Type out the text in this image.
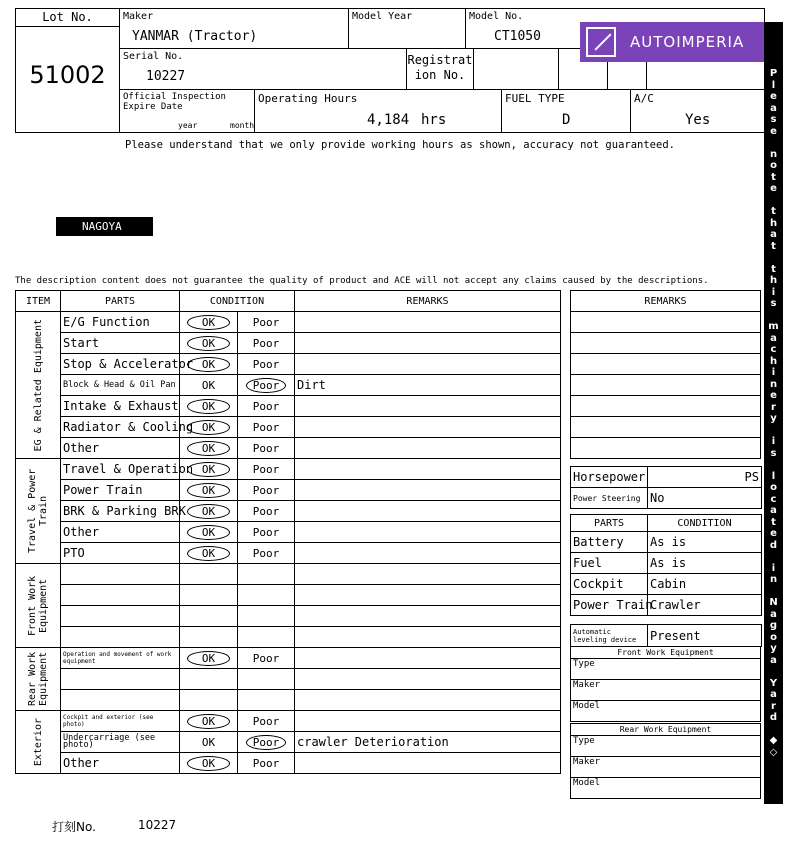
Lot No.
51002
Maker
YANMAR (Tractor)
Model Year	Model No.
CT1050
Serial No.
10227
Registrat
ion No.
Official Inspection
Expire Date
year	month
Operating Hours
4,184 hrs
FUEL TYPE
D
A/C
Yes
AUTOIMPERIA
Please understand that we only provide working hours as shown, accuracy not guaranteed.
NAGOYA
The description content does not guarantee the quality of product and ACE will not accept any claims caused by the descriptions.
ITEM	PARTS	CONDITION		REMARKS

EG & Related Equipment	E/G Function	OK	Poor	
	Start	OK	Poor	
	Stop & Accelerator	OK	Poor	
	Block & Head & Oil Pan	OK	Poor	Dirt
	Intake & Exhaust	OK	Poor	
	Radiator & Cooling	OK	Poor	
	Other	OK	Poor	

Travel & Power Train	Travel & Operation	OK	Poor	
	Power Train	OK	Poor	
	BRK & Parking BRK	OK	Poor	
	Other	OK	Poor	
	PTO	OK	Poor	

Front Work Equipment				

Rear Work Equipment	Operation and movement of work equipment	OK	Poor	

Exterior	Cockpit and exterior (see photo)	OK	Poor	
	Undercarriage (see photo)	OK	Poor	crawler Deterioration
	Other	OK	Poor	
REMARKS

Horsepower	PS
Power Steering	No
PARTS	CONDITION
Battery	As is
Fuel	As is
Cockpit	Cabin
Power Train	Crawler
Automatic leveling device	Present
Front Work Equipment
Type
Maker
Model
Rear Work Equipment
Type
Maker
Model
P
l
e
a
s
e
n
o
t
e
t
h
a
t
t
h
i
s
m
a
c
h
i
n
e
r
y
i
s
l
o
c
a
t
e
d
i
n
N
a
g
o
y
a
Y
a
r
d
◆
◇
打刻No.	10227
